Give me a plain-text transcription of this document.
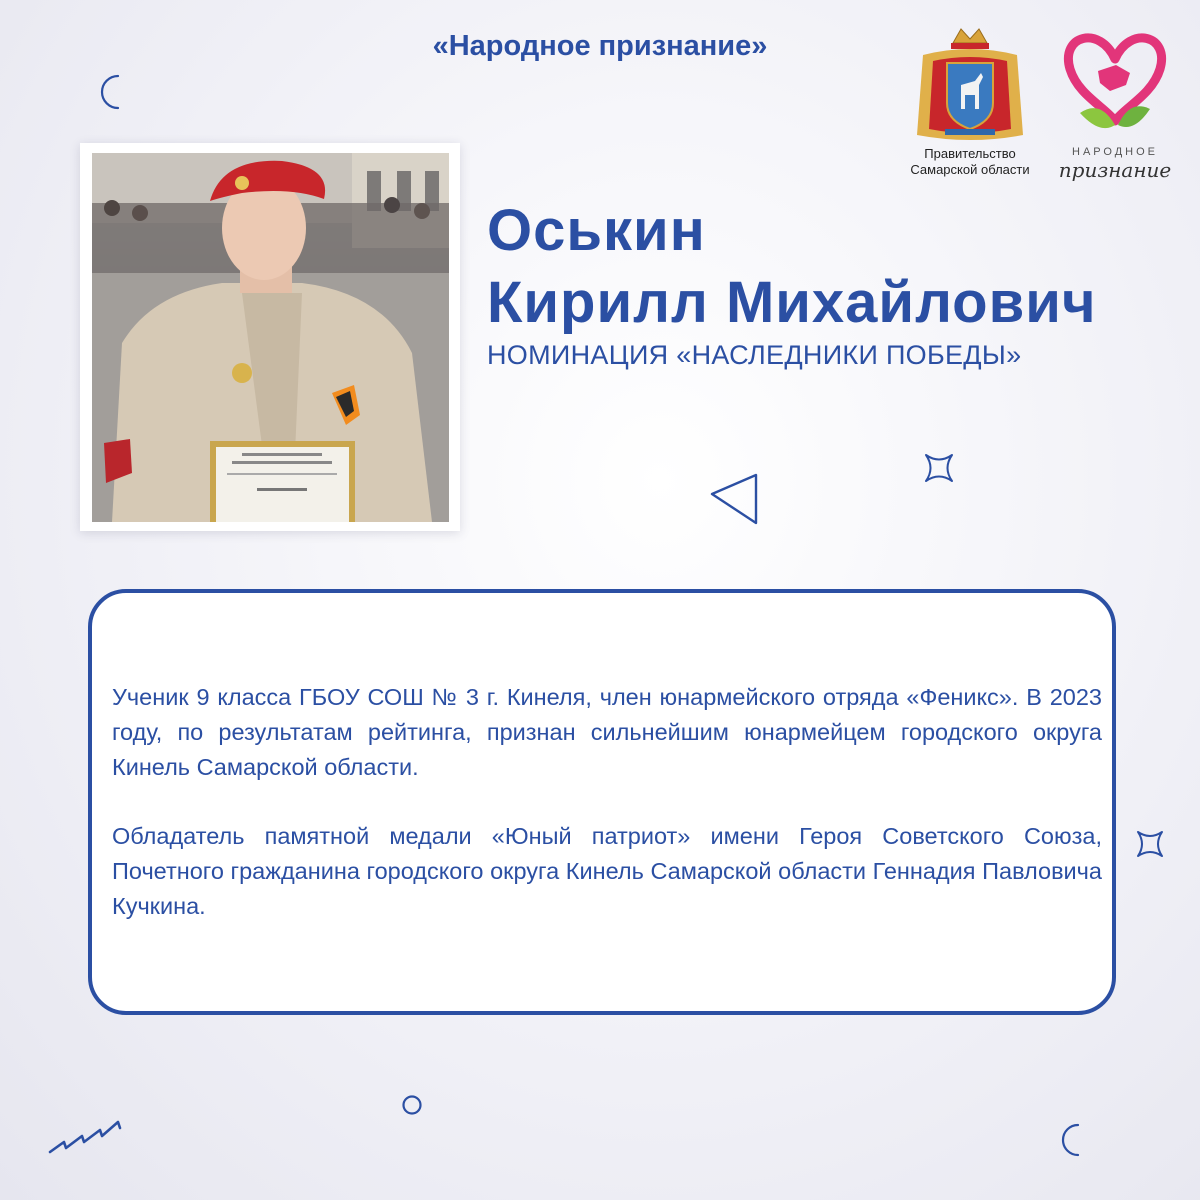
«Народное признание»
Правительство
Самарской области
НАРОДНОЕ
признание
Оськин
Кирилл Михайлович
НОМИНАЦИЯ «НАСЛЕДНИКИ ПОБЕДЫ»

Ученик 9 класса ГБОУ СОШ № 3 г. Кинеля, член юнармейского отряда «Феникс». В 2023 году, по результатам рейтинга, признан сильнейшим юнармейцем городского округа Кинель Самарской области.

Обладатель памятной медали «Юный патриот» имени Героя Советского Союза, Почетного гражданина городского округа Кинель Самарской области Геннадия Павловича Кучкина.
